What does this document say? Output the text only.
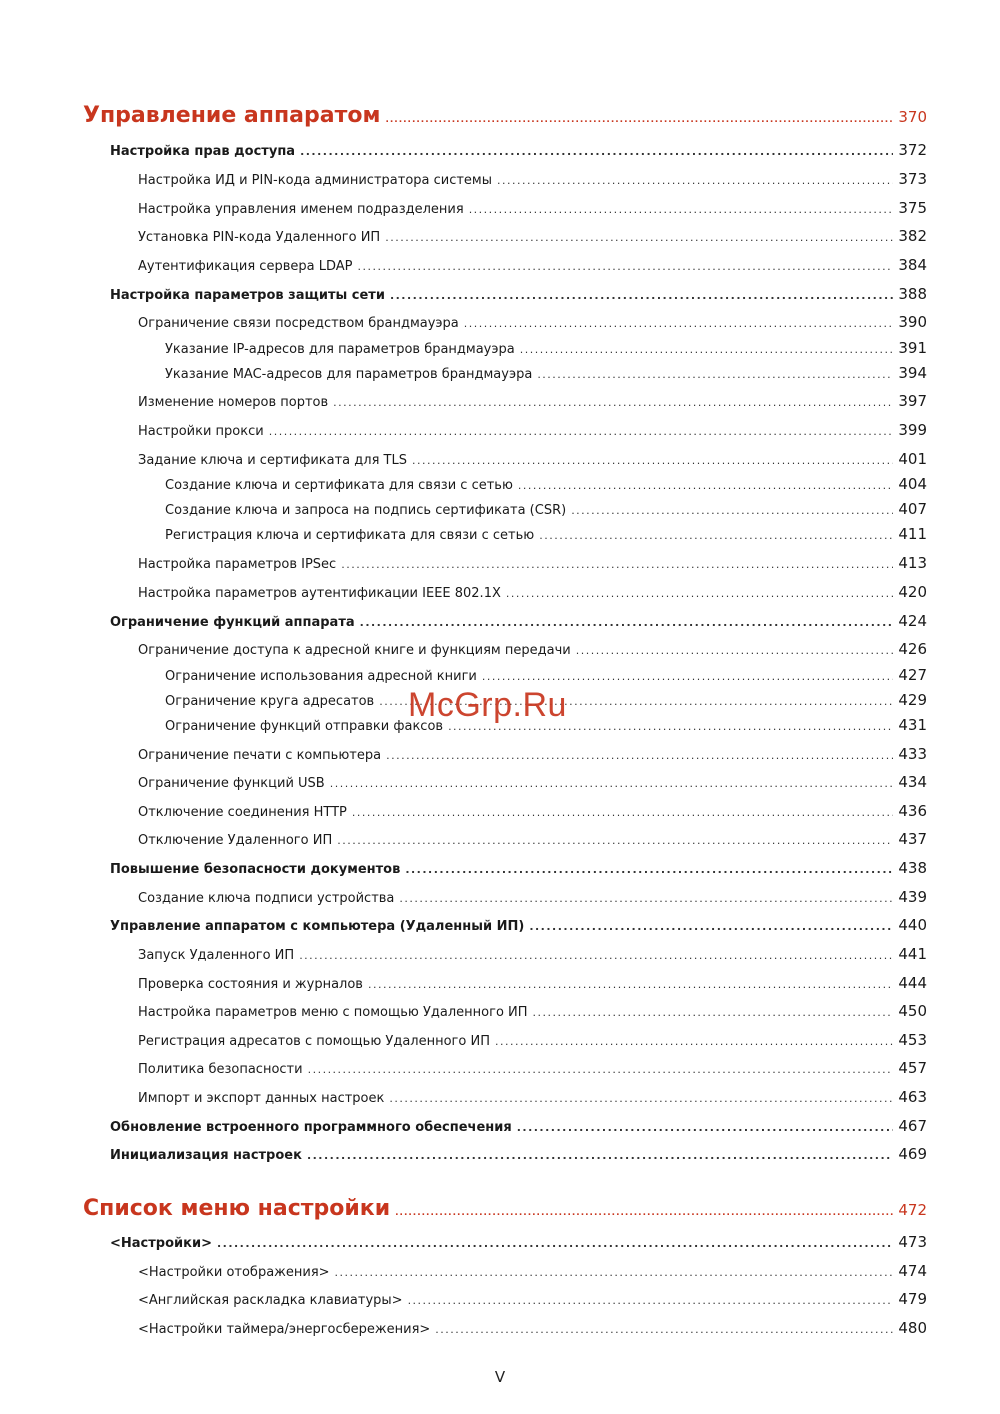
Управление аппаратом .....	370
Настройка прав доступа .....	372
Настройка ИД и PIN-кода администратора системы .....	373
Настройка управления именем подразделения .....	375
Установка PIN-кода Удаленного ИП .....	382
Аутентификация сервера LDAP .....	384
Настройка параметров защиты сети .....	388
Ограничение связи посредством брандмауэра .....	390
Указание IP-адресов для параметров брандмауэра .....	391
Указание MAC-адресов для параметров брандмауэра .....	394
Изменение номеров портов .....	397
Настройки прокси .....	399
Задание ключа и сертификата для TLS .....	401
Создание ключа и сертификата для связи с сетью .....	404
Создание ключа и запроса на подпись сертификата (CSR) .....	407
Регистрация ключа и сертификата для связи с сетью .....	411
Настройка параметров IPSec .....	413
Настройка параметров аутентификации IEEE 802.1X .....	420
Ограничение функций аппарата .....	424
Ограничение доступа к адресной книге и функциям передачи .....	426
Ограничение использования адресной книги .....	427
Ограничение круга адресатов .....	429
Ограничение функций отправки факсов .....	431
Ограничение печати с компьютера .....	433
Ограничение функций USB .....	434
Отключение соединения HTTP .....	436
Отключение Удаленного ИП .....	437
Повышение безопасности документов .....	438
Создание ключа подписи устройства .....	439
Управление аппаратом с компьютера (Удаленный ИП) .....	440
Запуск Удаленного ИП .....	441
Проверка состояния и журналов .....	444
Настройка параметров меню с помощью Удаленного ИП .....	450
Регистрация адресатов с помощью Удаленного ИП .....	453
Политика безопасности .....	457
Импорт и экспорт данных настроек .....	463
Обновление встроенного программного обеспечения .....	467
Инициализация настроек .....	469
Список меню настройки .....	472
<Настройки> .....	473
<Настройки отображения> .....	474
<Английская раскладка клавиатуры> .....	479
<Настройки таймера/энергосбережения> .....	480
McGrp.Ru
V
